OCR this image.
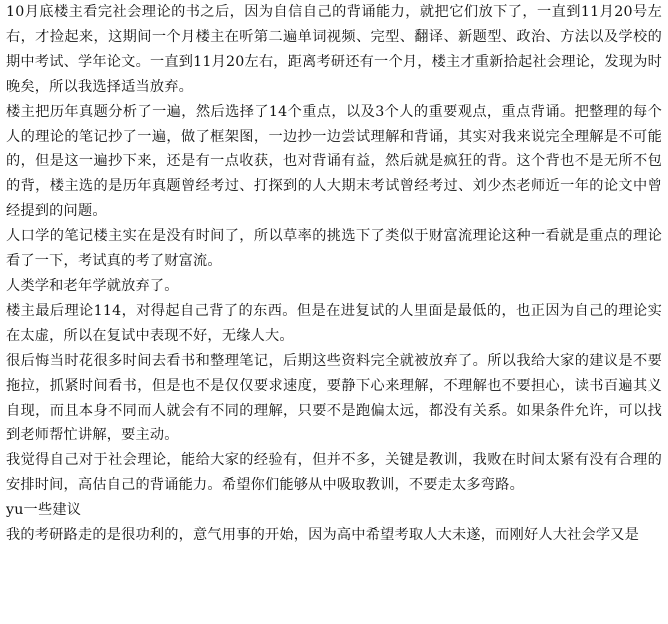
10月底楼主看完社会理论的书之后，因为自信自己的背诵能力，就把它们放下了，一直到11月20号左右，才捡起来，这期间一个月楼主在听第二遍单词视频、完型、翻译、新题型、政治、方法以及学校的期中考试、学年论文。一直到11月20左右，距离考研还有一个月，楼主才重新拾起社会理论，发现为时晚矣，所以我选择适当放弃。

楼主把历年真题分析了一遍，然后选择了14个重点，以及3个人的重要观点，重点背诵。把整理的每个人的理论的笔记抄了一遍，做了框架图，一边抄一边尝试理解和背诵，其实对我来说完全理解是不可能的，但是这一遍抄下来，还是有一点收获，也对背诵有益，然后就是疯狂的背。这个背也不是无所不包的背，楼主选的是历年真题曾经考过、打探到的人大期末考试曾经考过、刘少杰老师近一年的论文中曾经提到的问题。

人口学的笔记楼主实在是没有时间了，所以草率的挑选下了类似于财富流理论这种一看就是重点的理论看了一下，考试真的考了财富流。

人类学和老年学就放弃了。

楼主最后理论114，对得起自己背了的东西。但是在进复试的人里面是最低的，也正因为自己的理论实在太虚，所以在复试中表现不好，无缘人大。

很后悔当时花很多时间去看书和整理笔记，后期这些资料完全就被放弃了。所以我给大家的建议是不要拖拉，抓紧时间看书，但是也不是仅仅要求速度，要静下心来理解，不理解也不要担心，读书百遍其义自现，而且本身不同而人就会有不同的理解，只要不是跑偏太远，都没有关系。如果条件允许，可以找到老师帮忙讲解，要主动。

我觉得自己对于社会理论，能给大家的经验有，但并不多，关键是教训，我败在时间太紧有没有合理的安排时间，高估自己的背诵能力。希望你们能够从中吸取教训，不要走太多弯路。

yu一些建议

我的考研路走的是很功利的，意气用事的开始，因为高中希望考取人大未遂，而刚好人大社会学又是
